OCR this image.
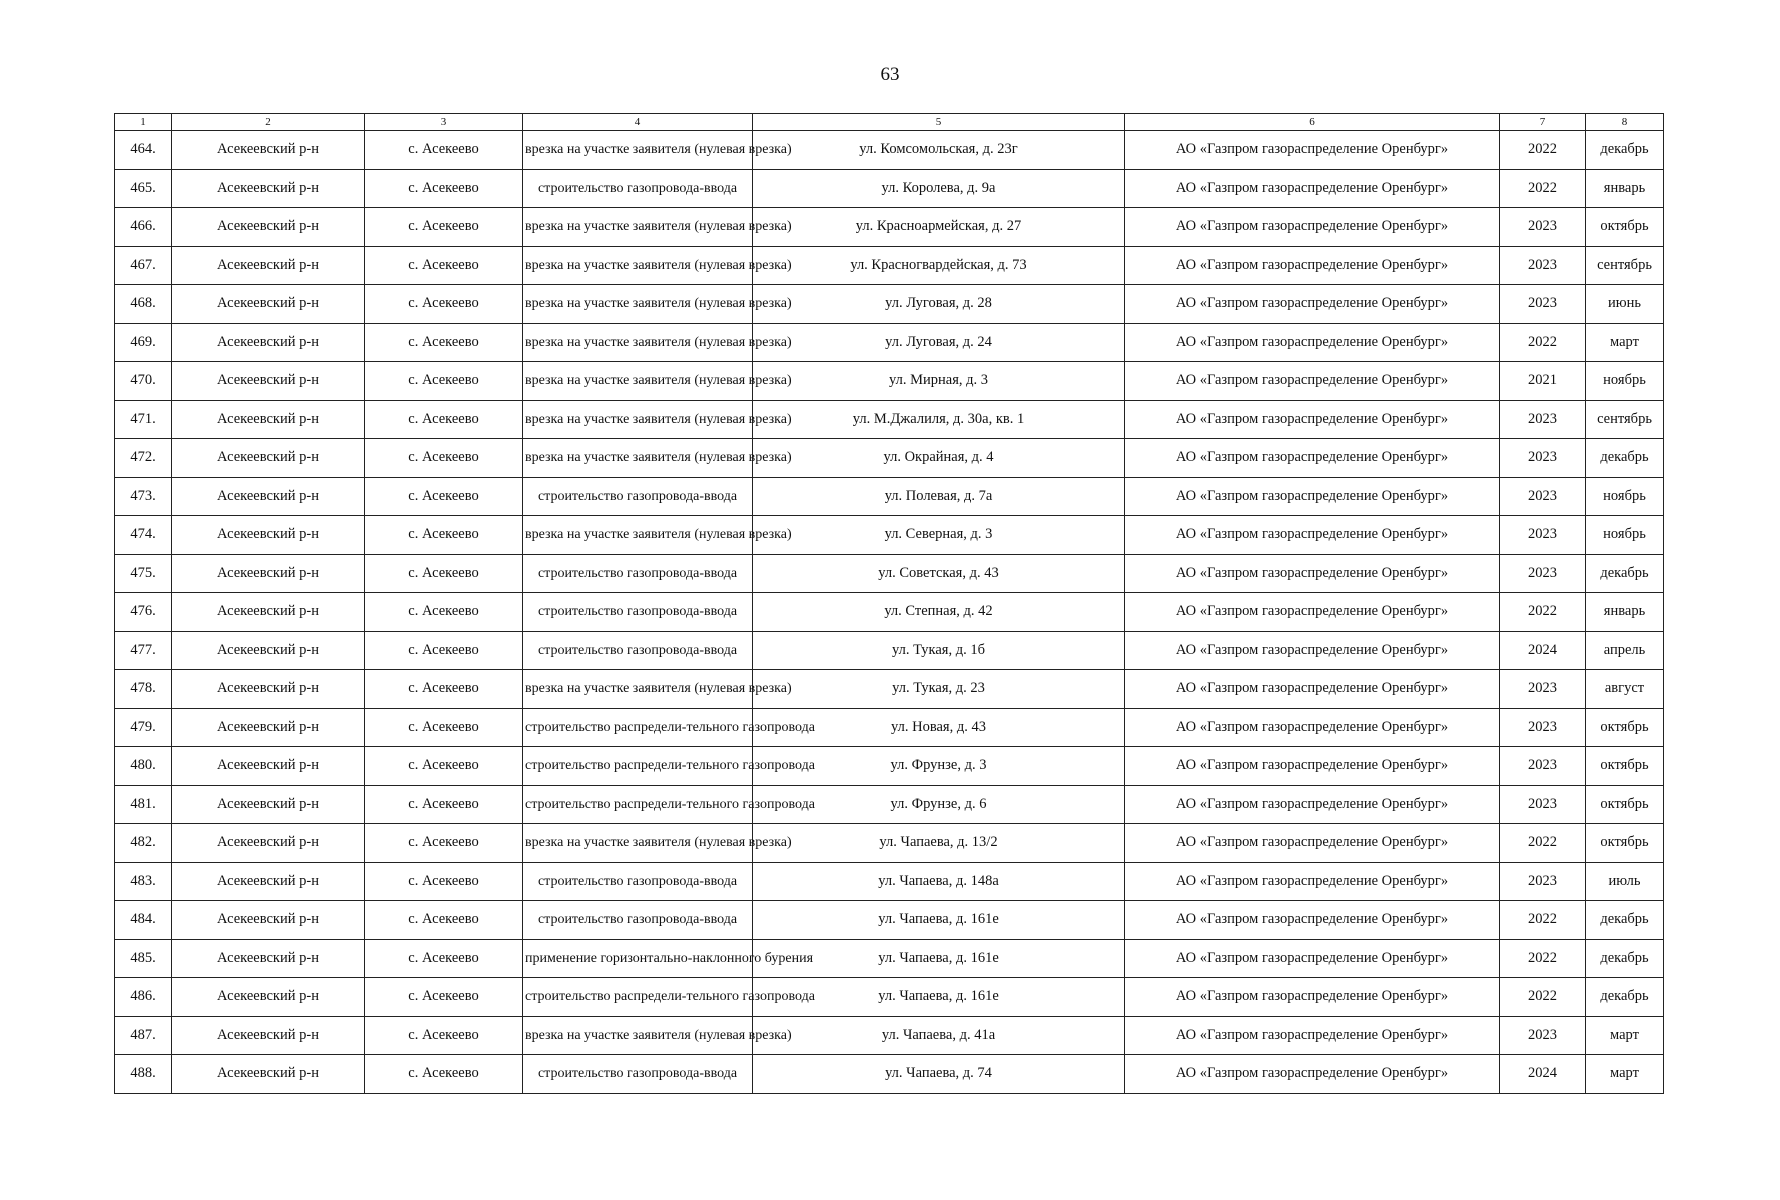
63
1	2	3	4	5	6	7	8
464.	Асекеевский р-н	с. Асекеево	врезка на участке заявителя (нулевая врезка)	ул. Комсомольская, д. 23г	АО «Газпром газораспределение Оренбург»	2022	декабрь
465.	Асекеевский р-н	с. Асекеево	строительство газопровода-ввода	ул. Королева, д. 9а	АО «Газпром газораспределение Оренбург»	2022	январь
466.	Асекеевский р-н	с. Асекеево	врезка на участке заявителя (нулевая врезка)	ул. Красноармейская, д. 27	АО «Газпром газораспределение Оренбург»	2023	октябрь
467.	Асекеевский р-н	с. Асекеево	врезка на участке заявителя (нулевая врезка)	ул. Красногвардейская, д. 73	АО «Газпром газораспределение Оренбург»	2023	сентябрь
468.	Асекеевский р-н	с. Асекеево	врезка на участке заявителя (нулевая врезка)	ул. Луговая, д. 28	АО «Газпром газораспределение Оренбург»	2023	июнь
469.	Асекеевский р-н	с. Асекеево	врезка на участке заявителя (нулевая врезка)	ул. Луговая, д. 24	АО «Газпром газораспределение Оренбург»	2022	март
470.	Асекеевский р-н	с. Асекеево	врезка на участке заявителя (нулевая врезка)	ул. Мирная, д. 3	АО «Газпром газораспределение Оренбург»	2021	ноябрь
471.	Асекеевский р-н	с. Асекеево	врезка на участке заявителя (нулевая врезка)	ул. М.Джалиля, д. 30а, кв. 1	АО «Газпром газораспределение Оренбург»	2023	сентябрь
472.	Асекеевский р-н	с. Асекеево	врезка на участке заявителя (нулевая врезка)	ул. Окрайная, д. 4	АО «Газпром газораспределение Оренбург»	2023	декабрь
473.	Асекеевский р-н	с. Асекеево	строительство газопровода-ввода	ул. Полевая, д. 7а	АО «Газпром газораспределение Оренбург»	2023	ноябрь
474.	Асекеевский р-н	с. Асекеево	врезка на участке заявителя (нулевая врезка)	ул. Северная, д. 3	АО «Газпром газораспределение Оренбург»	2023	ноябрь
475.	Асекеевский р-н	с. Асекеево	строительство газопровода-ввода	ул. Советская, д. 43	АО «Газпром газораспределение Оренбург»	2023	декабрь
476.	Асекеевский р-н	с. Асекеево	строительство газопровода-ввода	ул. Степная, д. 42	АО «Газпром газораспределение Оренбург»	2022	январь
477.	Асекеевский р-н	с. Асекеево	строительство газопровода-ввода	ул. Тукая, д. 1б	АО «Газпром газораспределение Оренбург»	2024	апрель
478.	Асекеевский р-н	с. Асекеево	врезка на участке заявителя (нулевая врезка)	ул. Тукая, д. 23	АО «Газпром газораспределение Оренбург»	2023	август
479.	Асекеевский р-н	с. Асекеево	строительство распредели-тельного газопровода	ул. Новая, д. 43	АО «Газпром газораспределение Оренбург»	2023	октябрь
480.	Асекеевский р-н	с. Асекеево	строительство распредели-тельного газопровода	ул. Фрунзе, д. 3	АО «Газпром газораспределение Оренбург»	2023	октябрь
481.	Асекеевский р-н	с. Асекеево	строительство распредели-тельного газопровода	ул. Фрунзе, д. 6	АО «Газпром газораспределение Оренбург»	2023	октябрь
482.	Асекеевский р-н	с. Асекеево	врезка на участке заявителя (нулевая врезка)	ул. Чапаева, д. 13/2	АО «Газпром газораспределение Оренбург»	2022	октябрь
483.	Асекеевский р-н	с. Асекеево	строительство газопровода-ввода	ул. Чапаева, д. 148а	АО «Газпром газораспределение Оренбург»	2023	июль
484.	Асекеевский р-н	с. Асекеево	строительство газопровода-ввода	ул. Чапаева, д. 161е	АО «Газпром газораспределение Оренбург»	2022	декабрь
485.	Асекеевский р-н	с. Асекеево	применение горизонтально-наклонного бурения	ул. Чапаева, д. 161е	АО «Газпром газораспределение Оренбург»	2022	декабрь
486.	Асекеевский р-н	с. Асекеево	строительство распредели-тельного газопровода	ул. Чапаева, д. 161е	АО «Газпром газораспределение Оренбург»	2022	декабрь
487.	Асекеевский р-н	с. Асекеево	врезка на участке заявителя (нулевая врезка)	ул. Чапаева, д. 41а	АО «Газпром газораспределение Оренбург»	2023	март
488.	Асекеевский р-н	с. Асекеево	строительство газопровода-ввода	ул. Чапаева, д. 74	АО «Газпром газораспределение Оренбург»	2024	март
